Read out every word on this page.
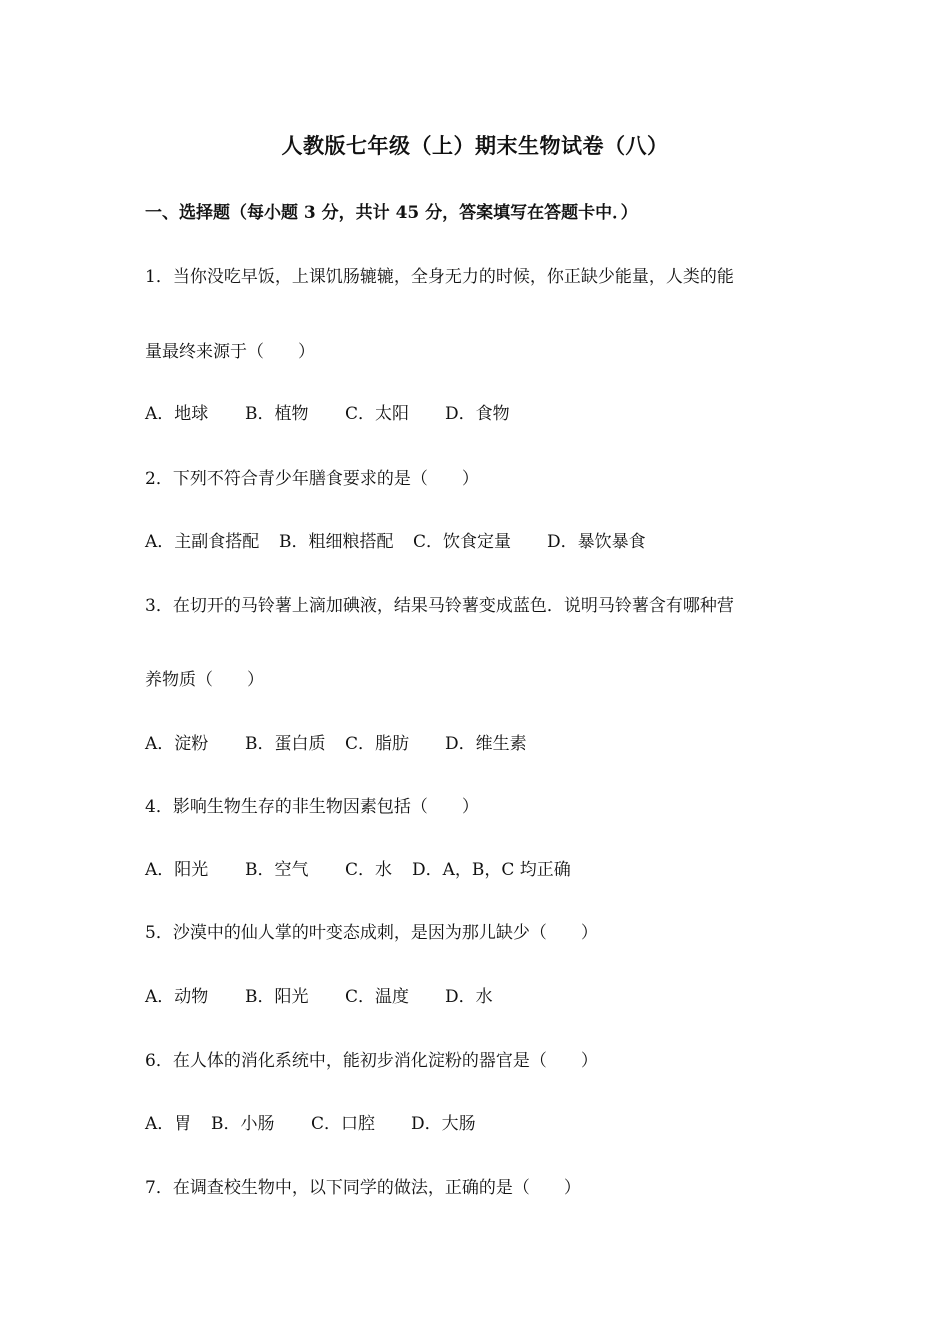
人教版七年级（上）期末生物试卷（八）
一、选择题（每小题 3 分，共计 45 分，答案填写在答题卡中．）
1．当你没吃早饭，上课饥肠辘辘，全身无力的时候，你正缺少能量，人类的能
量最终来源于（　　）
A．地球 B．植物 C．太阳 D．食物
2．下列不符合青少年膳食要求的是（　　）
A．主副食搭配 B．粗细粮搭配 C．饮食定量 D．暴饮暴食
3．在切开的马铃薯上滴加碘液，结果马铃薯变成蓝色．说明马铃薯含有哪种营
养物质（　　）
A．淀粉 B．蛋白质 C．脂肪 D．维生素
4．影响生物生存的非生物因素包括（　　）
A．阳光 B．空气 C．水 D．A，B，C 均正确
5．沙漠中的仙人掌的叶变态成刺，是因为那儿缺少（　　）
A．动物 B．阳光 C．温度 D．水
6．在人体的消化系统中，能初步消化淀粉的器官是（　　）
A．胃 B．小肠 C．口腔 D．大肠
7．在调查校生物中，以下同学的做法，正确的是（　　）
